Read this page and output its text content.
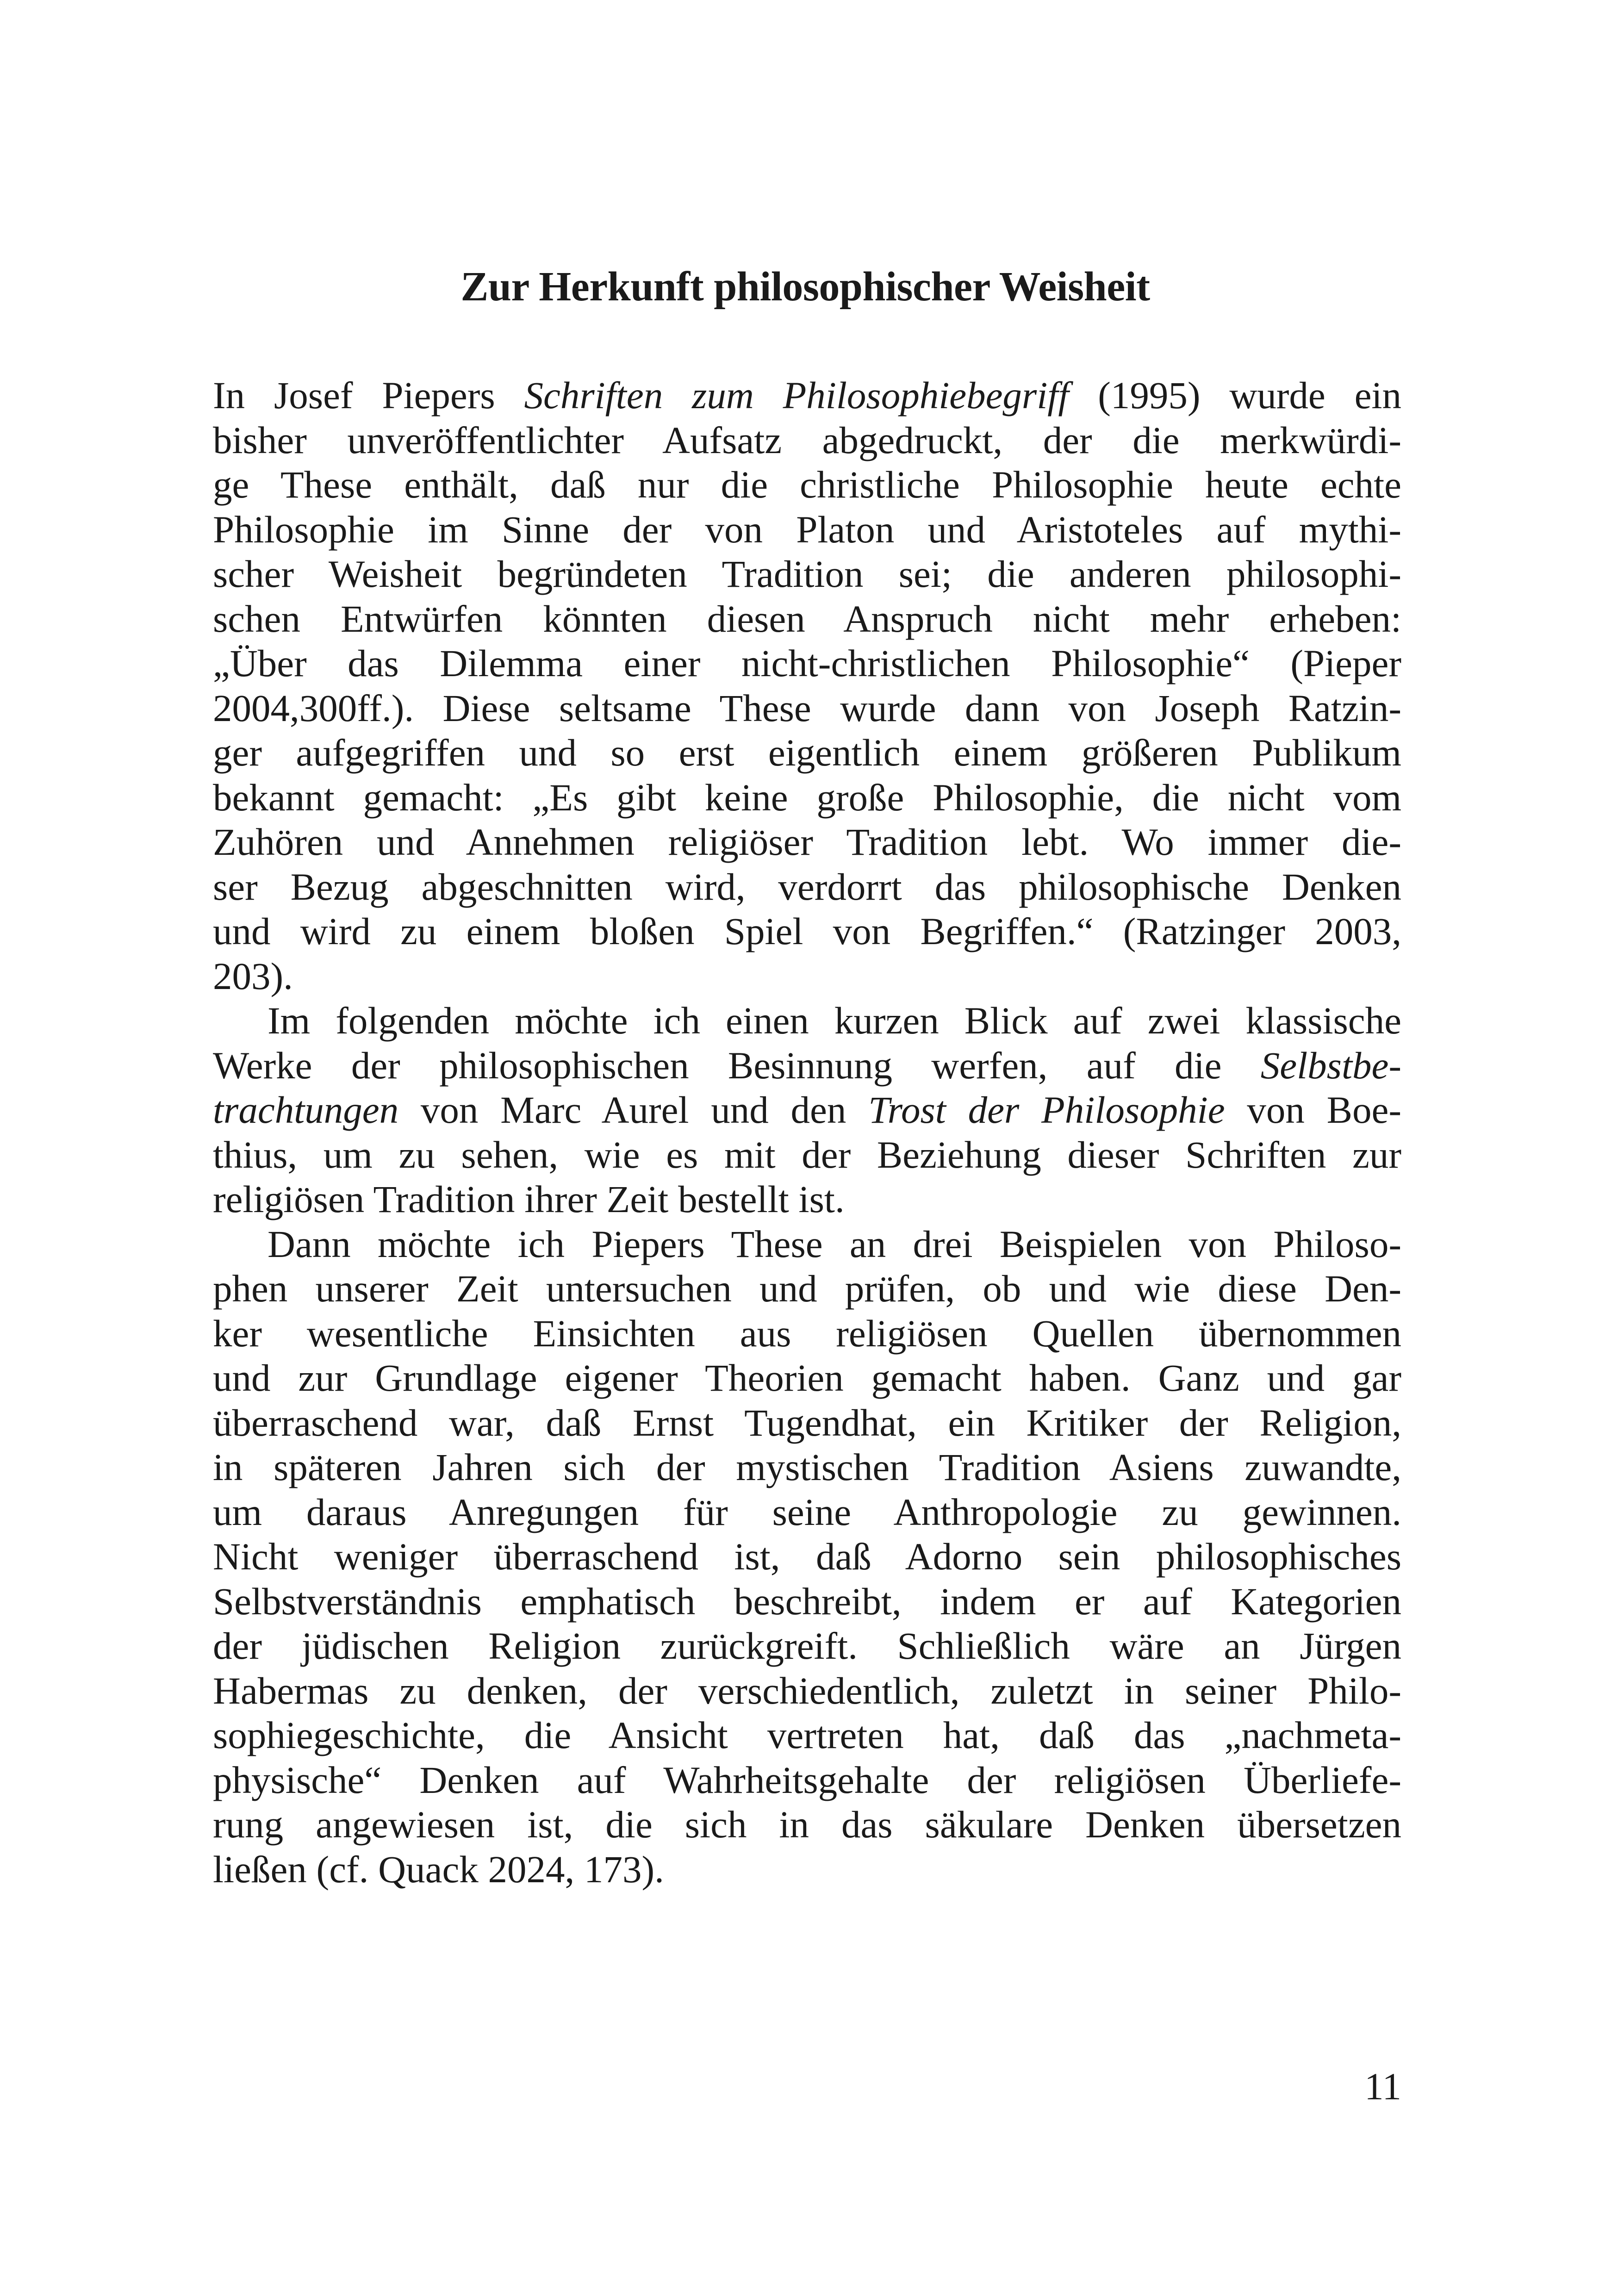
Zur Herkunft philosophischer Weisheit
In Josef Piepers Schriften zum Philosophiebegriff (1995) wurde ein
bisher unveröffentlichter Aufsatz abgedruckt, der die merkwürdi-
ge These enthält, daß nur die christliche Philosophie heute echte
Philosophie im Sinne der von Platon und Aristoteles auf mythi-
scher Weisheit begründeten Tradition sei; die anderen philosophi-
schen Entwürfen könnten diesen Anspruch nicht mehr erheben:
„Über das Dilemma einer nicht-christlichen Philosophie“ (Pieper
2004,300ff.). Diese seltsame These wurde dann von Joseph Ratzin-
ger aufgegriffen und so erst eigentlich einem größeren Publikum
bekannt gemacht: „Es gibt keine große Philosophie, die nicht vom
Zuhören und Annehmen religiöser Tradition lebt. Wo immer die-
ser Bezug abgeschnitten wird, verdorrt das philosophische Denken
und wird zu einem bloßen Spiel von Begriffen.“ (Ratzinger 2003,
203).
Im folgenden möchte ich einen kurzen Blick auf zwei klassische
Werke der philosophischen Besinnung werfen, auf die Selbstbe-
trachtungen von Marc Aurel und den Trost der Philosophie von Boe-
thius, um zu sehen, wie es mit der Beziehung dieser Schriften zur
religiösen Tradition ihrer Zeit bestellt ist.
Dann möchte ich Piepers These an drei Beispielen von Philoso-
phen unserer Zeit untersuchen und prüfen, ob und wie diese Den-
ker wesentliche Einsichten aus religiösen Quellen übernommen
und zur Grundlage eigener Theorien gemacht haben. Ganz und gar
überraschend war, daß Ernst Tugendhat, ein Kritiker der Religion,
in späteren Jahren sich der mystischen Tradition Asiens zuwandte,
um daraus Anregungen für seine Anthropologie zu gewinnen.
Nicht weniger überraschend ist, daß Adorno sein philosophisches
Selbstverständnis emphatisch beschreibt, indem er auf Kategorien
der jüdischen Religion zurückgreift. Schließlich wäre an Jürgen
Habermas zu denken, der verschiedentlich, zuletzt in seiner Philo-
sophiegeschichte, die Ansicht vertreten hat, daß das „nachmeta-
physische“ Denken auf Wahrheitsgehalte der religiösen Überliefe-
rung angewiesen ist, die sich in das säkulare Denken übersetzen
ließen (cf. Quack 2024, 173).
11
